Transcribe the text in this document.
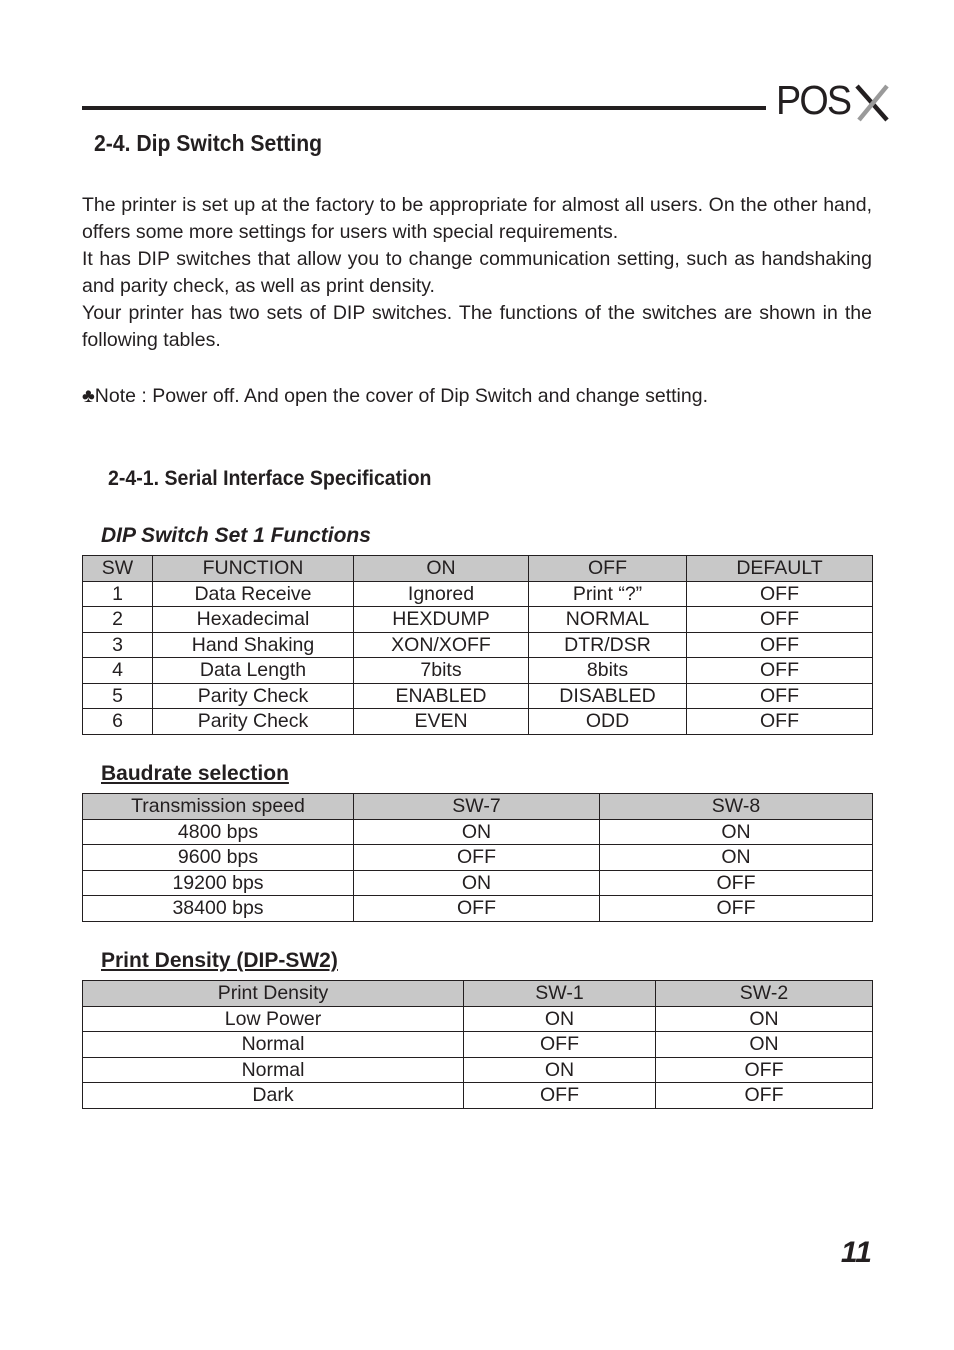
POS
2-4. Dip Switch Setting
The printer is set up at the factory to be appropriate for almost all users. On the other hand, offers some more settings for users with special requirements.
It has DIP switches that allow you to change communication setting, such as handshaking and parity check, as well as print density.
Your printer has two sets of DIP switches. The functions of the switches are shown in the following tables.
♣Note : Power off. And open the cover of Dip Switch and change setting.
2-4-1. Serial Interface Specification
DIP Switch Set 1 Functions
SW	FUNCTION	ON	OFF	DEFAULT
1	Data Receive	Ignored	Print “?”	OFF
2	Hexadecimal	HEXDUMP	NORMAL	OFF
3	Hand Shaking	XON/XOFF	DTR/DSR	OFF
4	Data Length	7bits	8bits	OFF
5	Parity Check	ENABLED	DISABLED	OFF
6	Parity Check	EVEN	ODD	OFF
Baudrate selection
Transmission speed	SW-7	SW-8
4800 bps	ON	ON
9600 bps	OFF	ON
19200 bps	ON	OFF
38400 bps	OFF	OFF
Print Density (DIP-SW2)
Print Density	SW-1	SW-2
Low Power	ON	ON
Normal	OFF	ON
Normal	ON	OFF
Dark	OFF	OFF
11
